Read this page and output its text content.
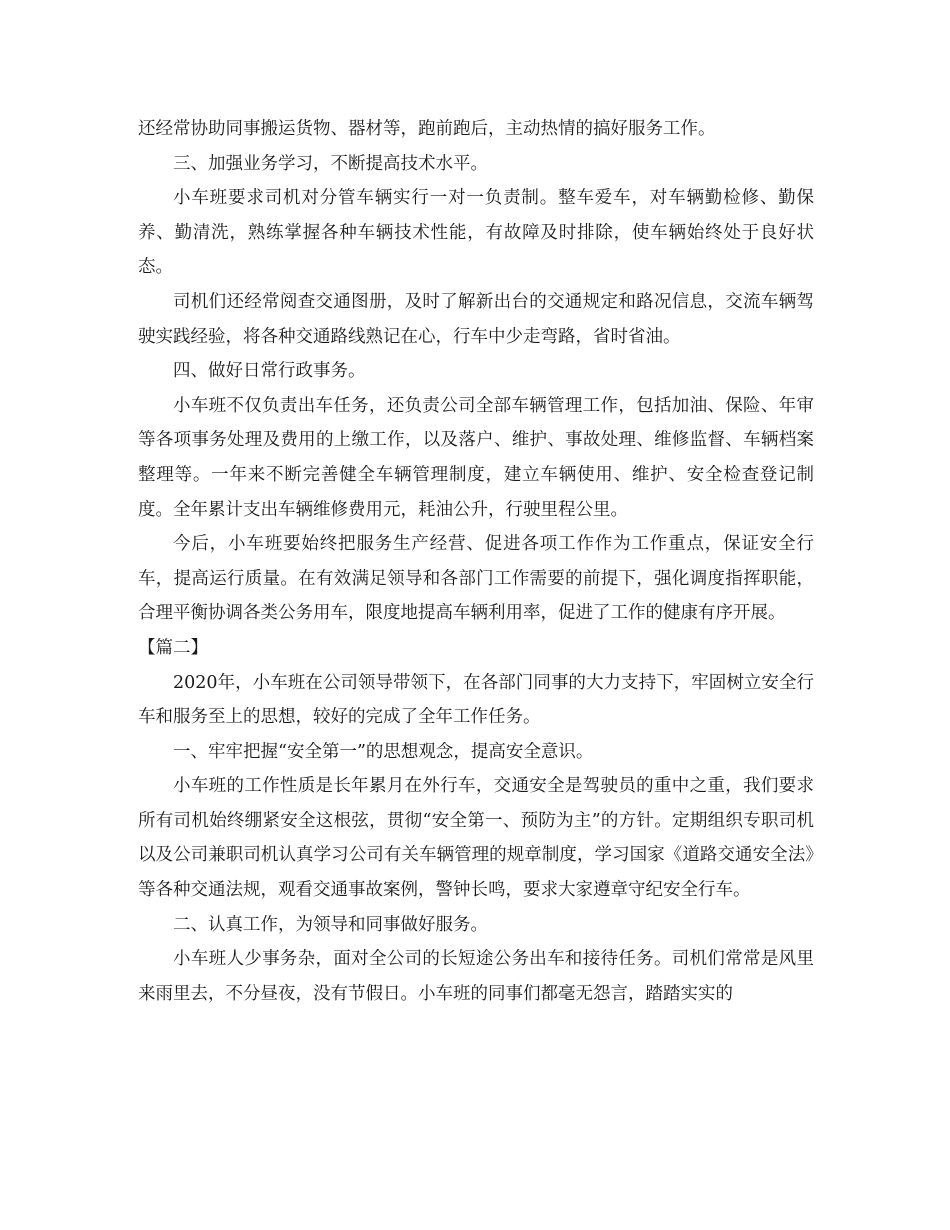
还经常协助同事搬运货物、器材等，跑前跑后，主动热情的搞好服务工作。

三、加强业务学习，不断提高技术水平。

小车班要求司机对分管车辆实行一对一负责制。整车爱车，对车辆勤检修、勤保养、勤清洗，熟练掌握各种车辆技术性能，有故障及时排除，使车辆始终处于良好状态。

司机们还经常阅查交通图册，及时了解新出台的交通规定和路况信息，交流车辆驾驶实践经验，将各种交通路线熟记在心，行车中少走弯路，省时省油。

四、做好日常行政事务。

小车班不仅负责出车任务，还负责公司全部车辆管理工作，包括加油、保险、年审等各项事务处理及费用的上缴工作，以及落户、维护、事故处理、维修监督、车辆档案整理等。一年来不断完善健全车辆管理制度，建立车辆使用、维护、安全检查登记制度。全年累计支出车辆维修费用元，耗油公升，行驶里程公里。

今后，小车班要始终把服务生产经营、促进各项工作作为工作重点，保证安全行车，提高运行质量。在有效满足领导和各部门工作需要的前提下，强化调度指挥职能，合理平衡协调各类公务用车，限度地提高车辆利用率，促进了工作的健康有序开展。

【篇二】

2020年，小车班在公司领导带领下，在各部门同事的大力支持下，牢固树立安全行车和服务至上的思想，较好的完成了全年工作任务。

一、牢牢把握“安全第一”的思想观念，提高安全意识。

小车班的工作性质是长年累月在外行车，交通安全是驾驶员的重中之重，我们要求所有司机始终绷紧安全这根弦，贯彻“安全第一、预防为主”的方针。定期组织专职司机以及公司兼职司机认真学习公司有关车辆管理的规章制度，学习国家《道路交通安全法》等各种交通法规，观看交通事故案例，警钟长鸣，要求大家遵章守纪安全行车。

二、认真工作，为领导和同事做好服务。

小车班人少事务杂，面对全公司的长短途公务出车和接待任务。司机们常常是风里来雨里去，不分昼夜，没有节假日。小车班的同事们都毫无怨言，踏踏实实的
